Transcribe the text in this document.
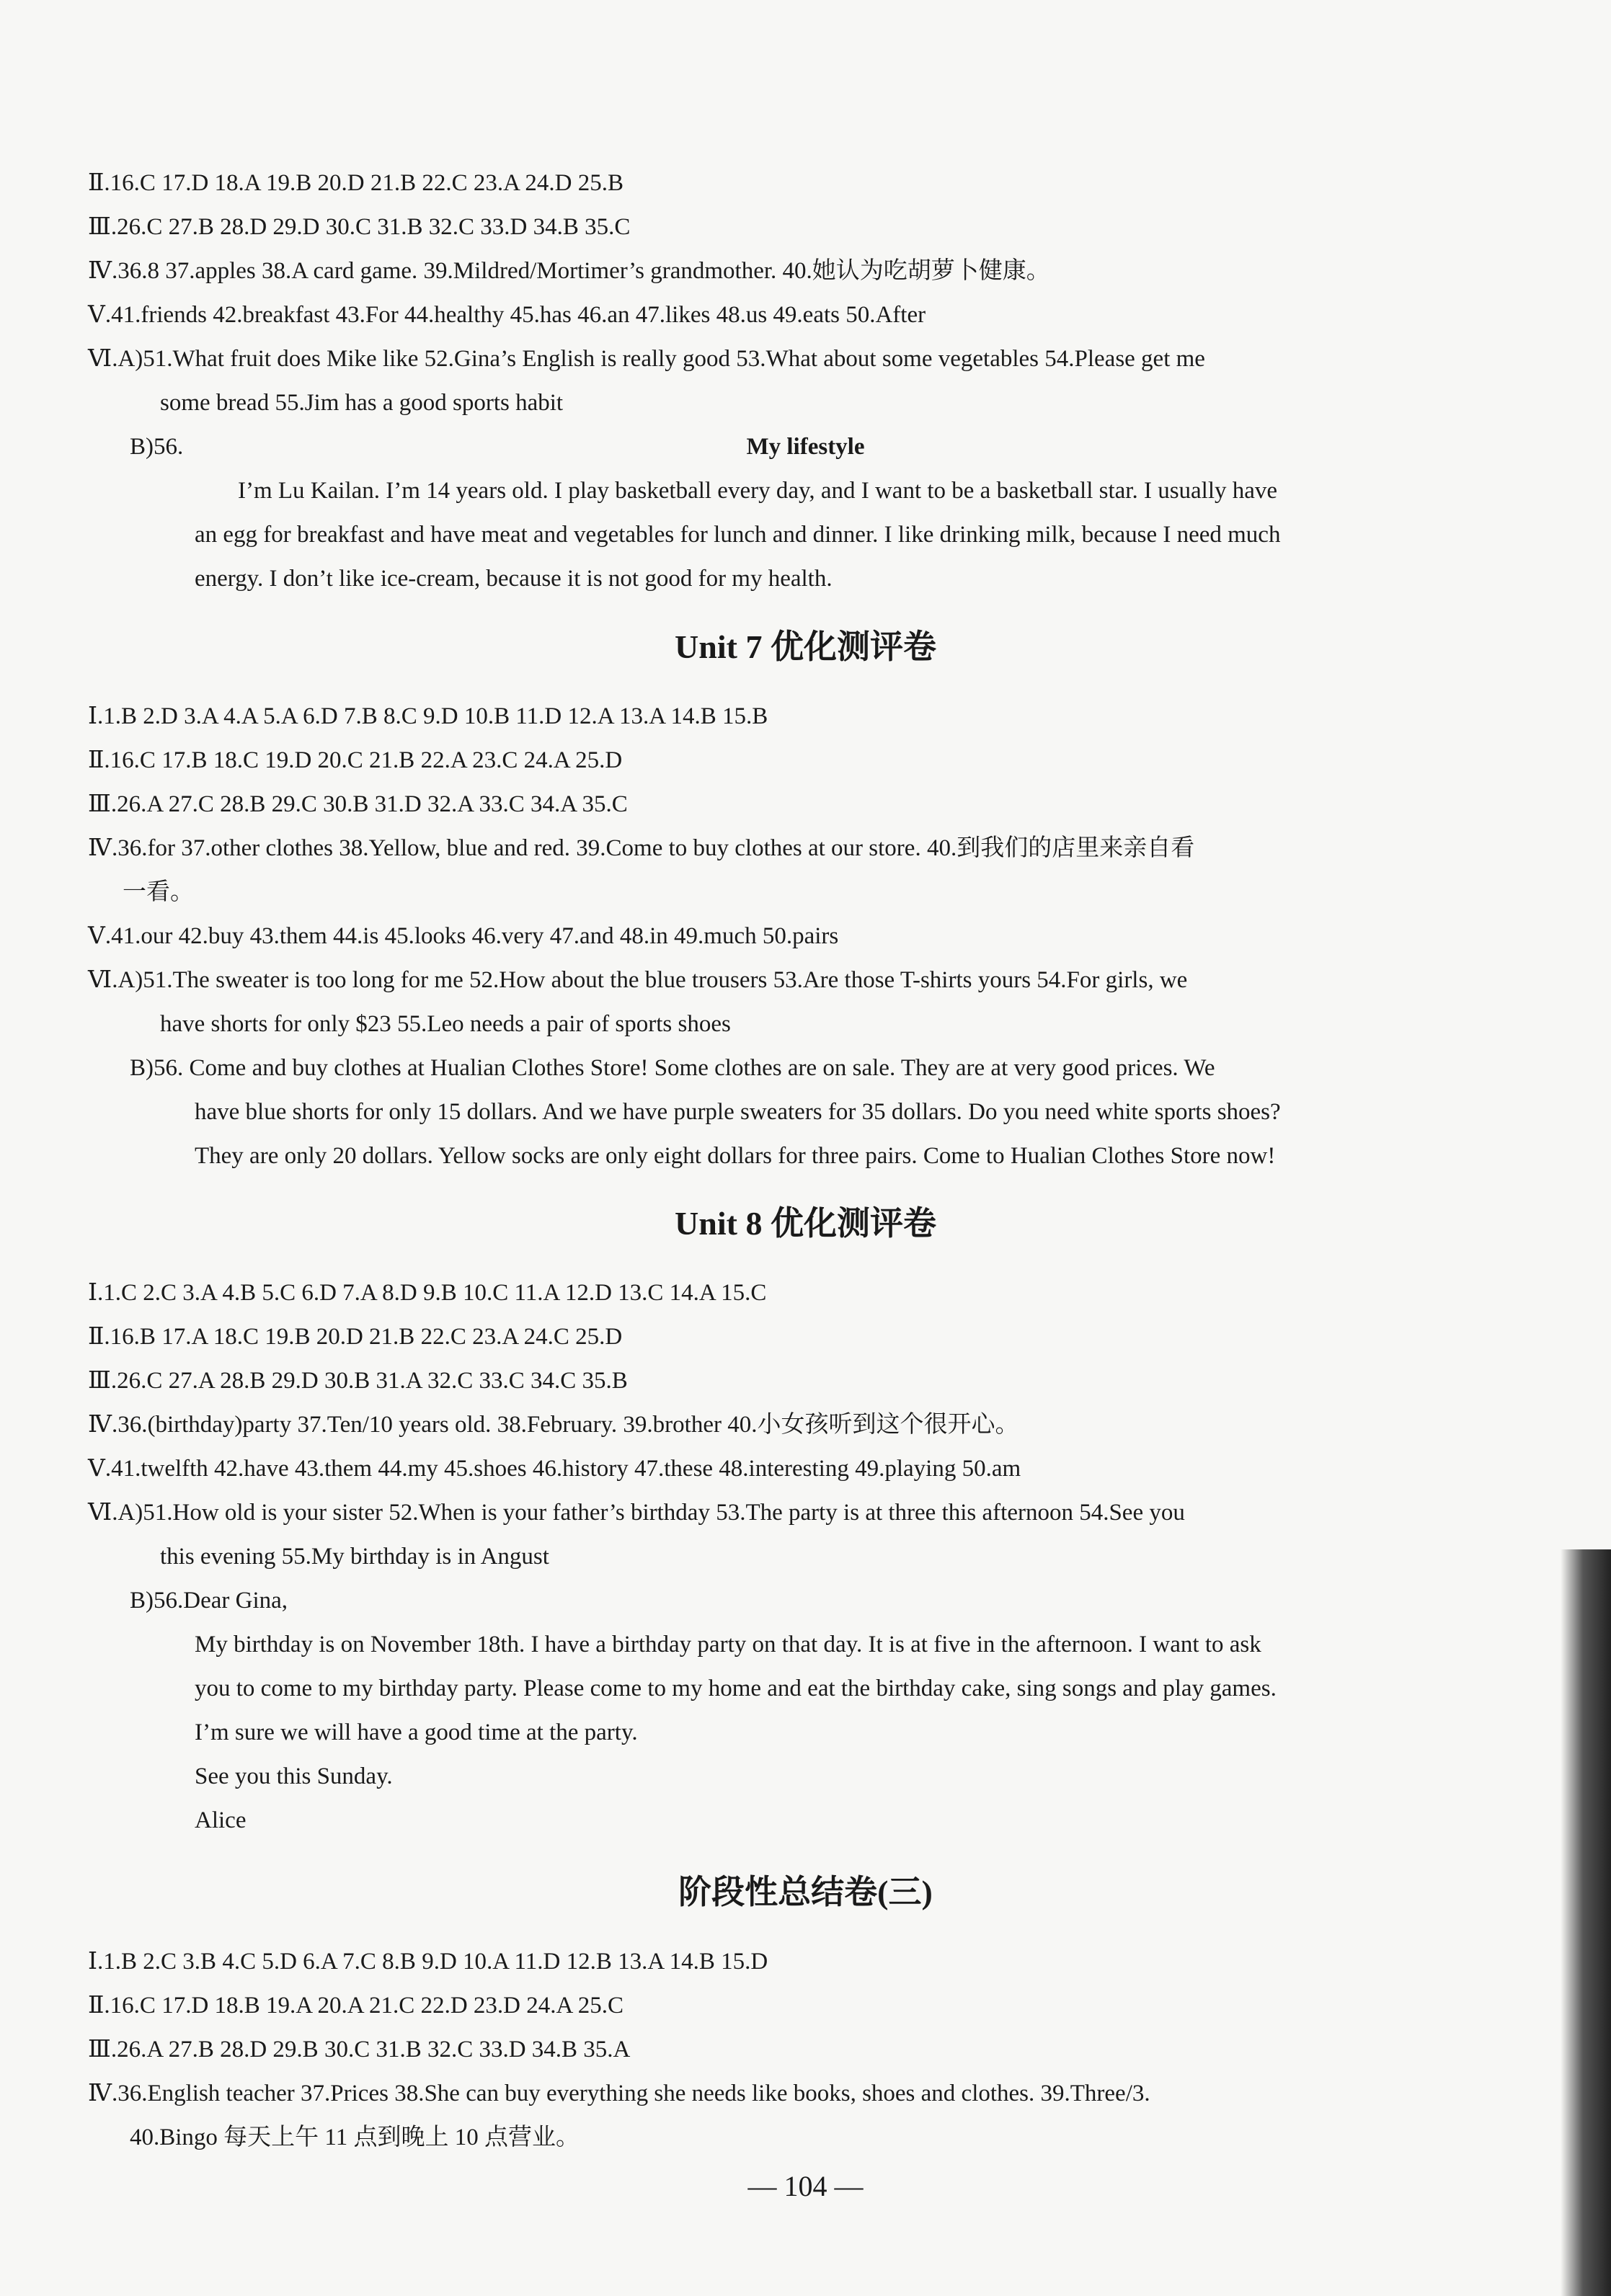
Ⅱ.16.C 17.D 18.A 19.B 20.D 21.B 22.C 23.A 24.D 25.B
Ⅲ.26.C 27.B 28.D 29.D 30.C 31.B 32.C 33.D 34.B 35.C
Ⅳ.36.8 37.apples 38.A card game. 39.Mildred/Mortimer’s grandmother. 40.她认为吃胡萝卜健康。
Ⅴ.41.friends 42.breakfast 43.For 44.healthy 45.has 46.an 47.likes 48.us 49.eats 50.After
Ⅵ.A)51.What fruit does Mike like 52.Gina’s English is really good 53.What about some vegetables 54.Please get me
some bread 55.Jim has a good sports habit
B)56.	My lifestyle
I’m Lu Kailan. I’m 14 years old. I play basketball every day, and I want to be a basketball star. I usually have
an egg for breakfast and have meat and vegetables for lunch and dinner. I like drinking milk, because I need much
energy. I don’t like ice-cream, because it is not good for my health.
Unit 7 优化测评卷
Ⅰ.1.B 2.D 3.A 4.A 5.A 6.D 7.B 8.C 9.D 10.B 11.D 12.A 13.A 14.B 15.B
Ⅱ.16.C 17.B 18.C 19.D 20.C 21.B 22.A 23.C 24.A 25.D
Ⅲ.26.A 27.C 28.B 29.C 30.B 31.D 32.A 33.C 34.A 35.C
Ⅳ.36.for 37.other clothes 38.Yellow, blue and red. 39.Come to buy clothes at our store. 40.到我们的店里来亲自看
一看。
Ⅴ.41.our 42.buy 43.them 44.is 45.looks 46.very 47.and 48.in 49.much 50.pairs
Ⅵ.A)51.The sweater is too long for me 52.How about the blue trousers 53.Are those T-shirts yours 54.For girls, we
have shorts for only $23 55.Leo needs a pair of sports shoes
B)56. Come and buy clothes at Hualian Clothes Store! Some clothes are on sale. They are at very good prices. We
have blue shorts for only 15 dollars. And we have purple sweaters for 35 dollars. Do you need white sports shoes?
They are only 20 dollars. Yellow socks are only eight dollars for three pairs. Come to Hualian Clothes Store now!
Unit 8 优化测评卷
Ⅰ.1.C 2.C 3.A 4.B 5.C 6.D 7.A 8.D 9.B 10.C 11.A 12.D 13.C 14.A 15.C
Ⅱ.16.B 17.A 18.C 19.B 20.D 21.B 22.C 23.A 24.C 25.D
Ⅲ.26.C 27.A 28.B 29.D 30.B 31.A 32.C 33.C 34.C 35.B
Ⅳ.36.(birthday)party 37.Ten/10 years old. 38.February. 39.brother 40.小女孩听到这个很开心。
Ⅴ.41.twelfth 42.have 43.them 44.my 45.shoes 46.history 47.these 48.interesting 49.playing 50.am
Ⅵ.A)51.How old is your sister 52.When is your father’s birthday 53.The party is at three this afternoon 54.See you
this evening 55.My birthday is in Angust
B)56.Dear Gina,
My birthday is on November 18th. I have a birthday party on that day. It is at five in the afternoon. I want to ask
you to come to my birthday party. Please come to my home and eat the birthday cake, sing songs and play games.
I’m sure we will have a good time at the party.
See you this Sunday.
Alice
阶段性总结卷(三)
Ⅰ.1.B 2.C 3.B 4.C 5.D 6.A 7.C 8.B 9.D 10.A 11.D 12.B 13.A 14.B 15.D
Ⅱ.16.C 17.D 18.B 19.A 20.A 21.C 22.D 23.D 24.A 25.C
Ⅲ.26.A 27.B 28.D 29.B 30.C 31.B 32.C 33.D 34.B 35.A
Ⅳ.36.English teacher 37.Prices 38.She can buy everything she needs like books, shoes and clothes. 39.Three/3.
40.Bingo 每天上午 11 点到晚上 10 点营业。
— 104 —
